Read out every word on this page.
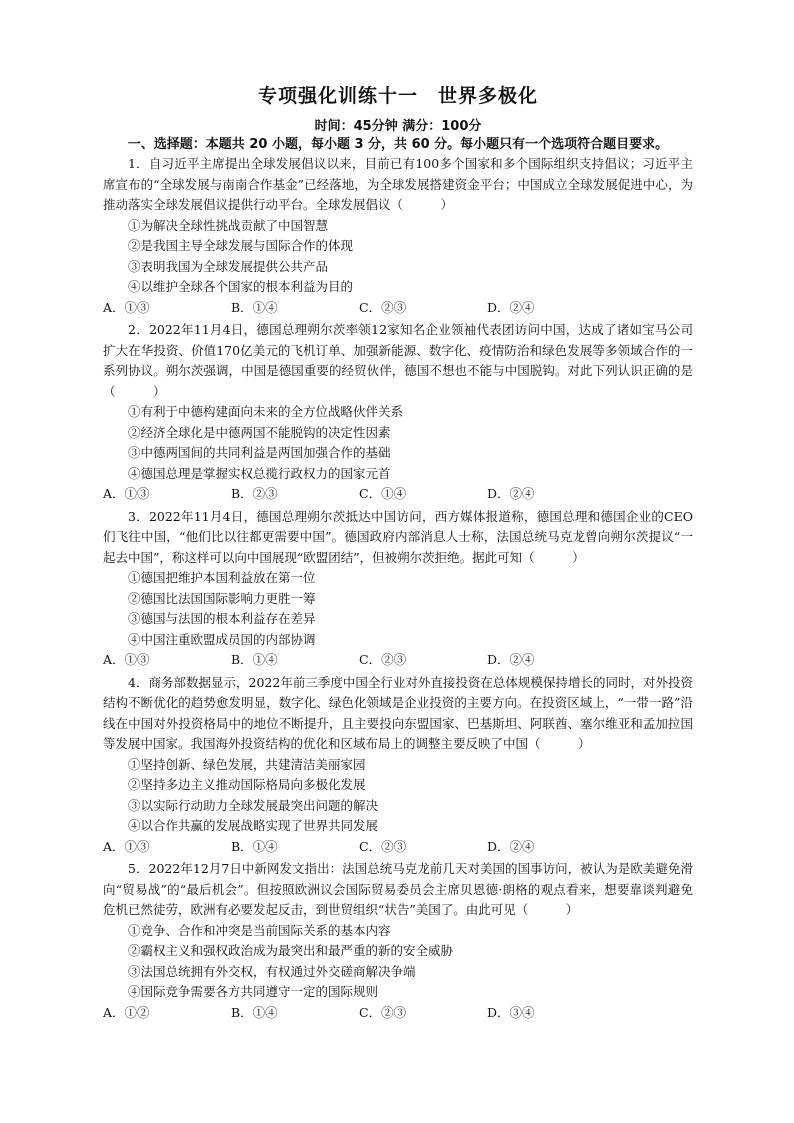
专项强化训练十一　世界多极化
时间：45分钟 满分：100分
一、选择题：本题共 20 小题，每小题 3 分，共 60 分。每小题只有一个选项符合题目要求。
1．自习近平主席提出全球发展倡议以来，目前已有100多个国家和多个国际组织支持倡议；习近平主席宣布的“全球发展与南南合作基金”已经落地，为全球发展搭建资金平台；中国成立全球发展促进中心，为推动落实全球发展倡议提供行动平台。全球发展倡议（　　　）
①为解决全球性挑战贡献了中国智慧
②是我国主导全球发展与国际合作的体现
③表明我国为全球发展提供公共产品
④以维护全球各个国家的根本利益为目的
A．①③	B．①④	C．②③	D．②④
2．2022年11月4日，德国总理朔尔茨率领12家知名企业领袖代表团访问中国，达成了诸如宝马公司扩大在华投资、价值170亿美元的飞机订单、加强新能源、数字化、疫情防治和绿色发展等多领域合作的一系列协议。朔尔茨强调，中国是德国重要的经贸伙伴，德国不想也不能与中国脱钩。对此下列认识正确的是（　　　）
①有利于中德构建面向未来的全方位战略伙伴关系
②经济全球化是中德两国不能脱钩的决定性因素
③中德两国间的共同利益是两国加强合作的基础
④德国总理是掌握实权总揽行政权力的国家元首
A．①③	B．②③	C．①④	D．②④
3．2022年11月4日，德国总理朔尔茨抵达中国访问，西方媒体报道称，德国总理和德国企业的CEO们飞往中国，“他们比以往都更需要中国”。德国政府内部消息人士称，法国总统马克龙曾向朔尔茨提议“一起去中国”，称这样可以向中国展现“欧盟团结”，但被朔尔茨拒绝。据此可知（　　　）
①德国把维护本国利益放在第一位
②德国比法国国际影响力更胜一筹
③德国与法国的根本利益存在差异
④中国注重欧盟成员国的内部协调
A．①③	B．①④	C．②③	D．②④
4．商务部数据显示，2022年前三季度中国全行业对外直接投资在总体规模保持增长的同时，对外投资结构不断优化的趋势愈发明显，数字化、绿色化领域是企业投资的主要方向。在投资区域上，“一带一路”沿线在中国对外投资格局中的地位不断提升，且主要投向东盟国家、巴基斯坦、阿联酋、塞尔维亚和孟加拉国等发展中国家。我国海外投资结构的优化和区域布局上的调整主要反映了中国（　　　）
①坚持创新、绿色发展，共建清洁美丽家园
②坚持多边主义推动国际格局向多极化发展
③以实际行动助力全球发展最突出问题的解决
④以合作共赢的发展战略实现了世界共同发展
A．①③	B．①④	C．②③	D．②④
5．2022年12月7日中新网发文指出：法国总统马克龙前几天对美国的国事访问，被认为是欧美避免滑向“贸易战”的“最后机会”。但按照欧洲议会国际贸易委员会主席贝恩德·朗格的观点看来，想要靠谈判避免危机已然徒劳，欧洲有必要发起反击，到世贸组织“状告”美国了。由此可见（　　　）
①竞争、合作和冲突是当前国际关系的基本内容
②霸权主义和强权政治成为最突出和最严重的新的安全威胁
③法国总统拥有外交权，有权通过外交磋商解决争端
④国际竞争需要各方共同遵守一定的国际规则
A．①②	B．①④	C．②③	D．③④
